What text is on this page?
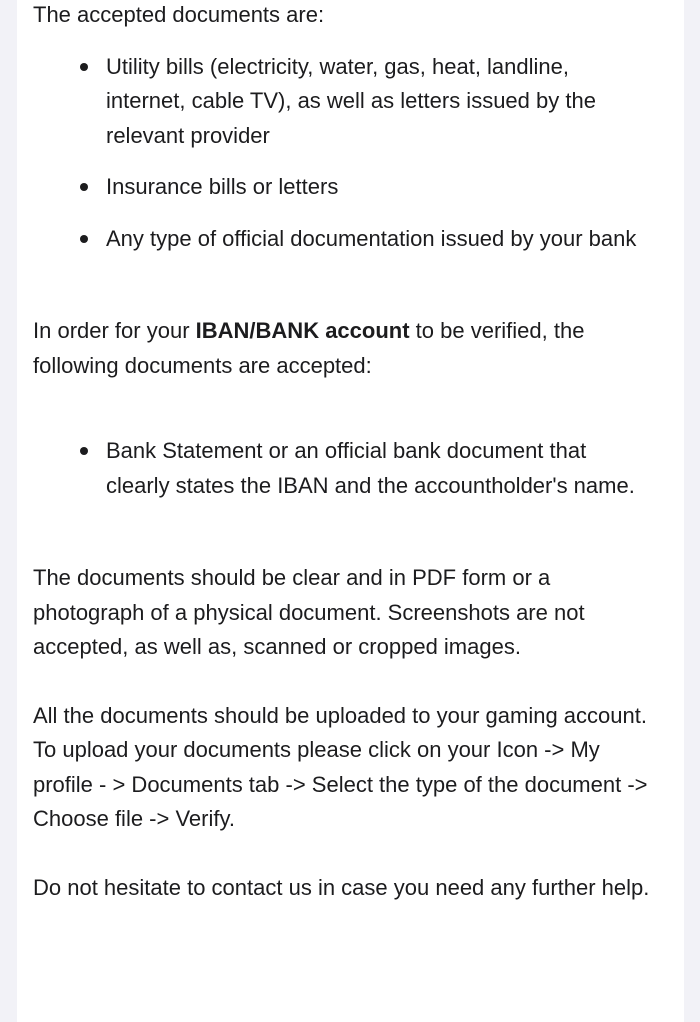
The accepted documents are:

Utility bills (electricity, water, gas, heat, landline, internet, cable TV), as well as letters issued by the relevant provider
Insurance bills or letters
Any type of official documentation issued by your bank

In order for your IBAN/BANK account to be verified, the following documents are accepted:

Bank Statement or an official bank document that clearly states the IBAN and the accountholder's name.

The documents should be clear and in PDF form or a photograph of a physical document. Screenshots are not accepted, as well as, scanned or cropped images.

All the documents should be uploaded to your gaming account. To upload your documents please click on your Icon -> My profile - > Documents tab -> Select the type of the document -> Choose file -> Verify.

Do not hesitate to contact us in case you need any further help.
